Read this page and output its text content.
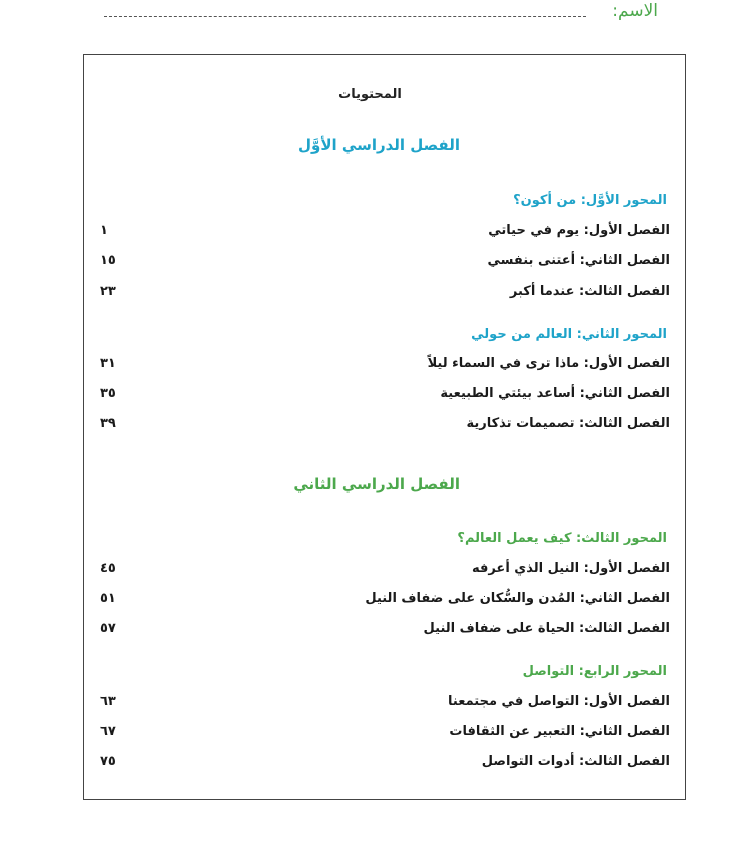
الاسم:
المحتويات
الفصل الدراسي الأوَّل
الفصل الدراسي الثاني
المحور الأوَّل: من أكون؟
المحور الثاني: العالم من حولي
المحور الثالث: كيف يعمل العالم؟
المحور الرابع: التواصل
الفصل الأول: يوم في حياتي
١
الفصل الثاني: أعتنى بنفسي
١٥
الفصل الثالث: عندما أكبر
٢٣
الفصل الأول: ماذا ترى في السماء ليلاً
٣١
الفصل الثاني: أساعد بيئتي الطبيعية
٣٥
الفصل الثالث: تصميمات تذكارية
٣٩
الفصل الأول: النيل الذي أعرفه
٤٥
الفصل الثاني: المُدن والسُّكان على ضفاف النيل
٥١
الفصل الثالث: الحياة على ضفاف النيل
٥٧
الفصل الأول: التواصل في مجتمعنا
٦٣
الفصل الثاني: التعبير عن الثقافات
٦٧
الفصل الثالث: أدوات التواصل
٧٥
